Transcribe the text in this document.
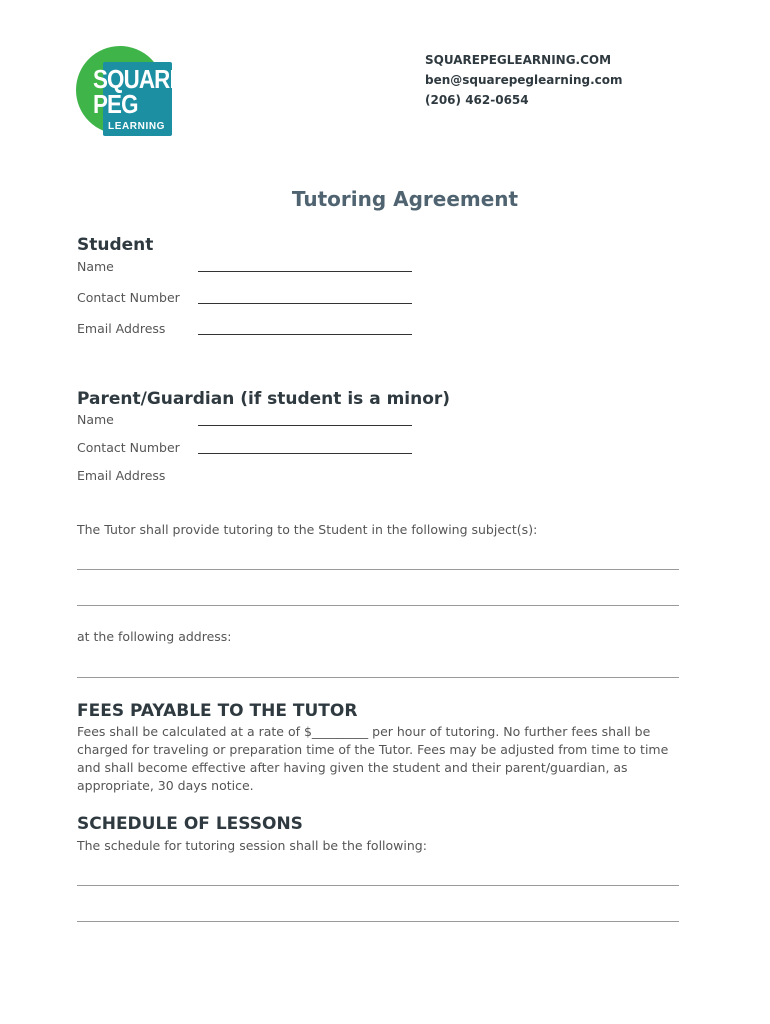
SQUARE
PEG
LEARNING
SQUAREPEGLEARNING.COM
ben@squarepeglearning.com
(206) 462-0654
Tutoring Agreement
Student
Name
Contact Number
Email Address
Parent/Guardian (if student is a minor)
Name
Contact Number
Email Address
The Tutor shall provide tutoring to the Student in the following subject(s):
at the following address:
FEES PAYABLE TO THE TUTOR
Fees shall be calculated at a rate of $_________ per hour of tutoring. No further fees shall be charged for traveling or preparation time of the Tutor. Fees may be adjusted from time to time and shall become effective after having given the student and their parent/guardian, as appropriate, 30 days notice.
SCHEDULE OF LESSONS
The schedule for tutoring session shall be the following:
